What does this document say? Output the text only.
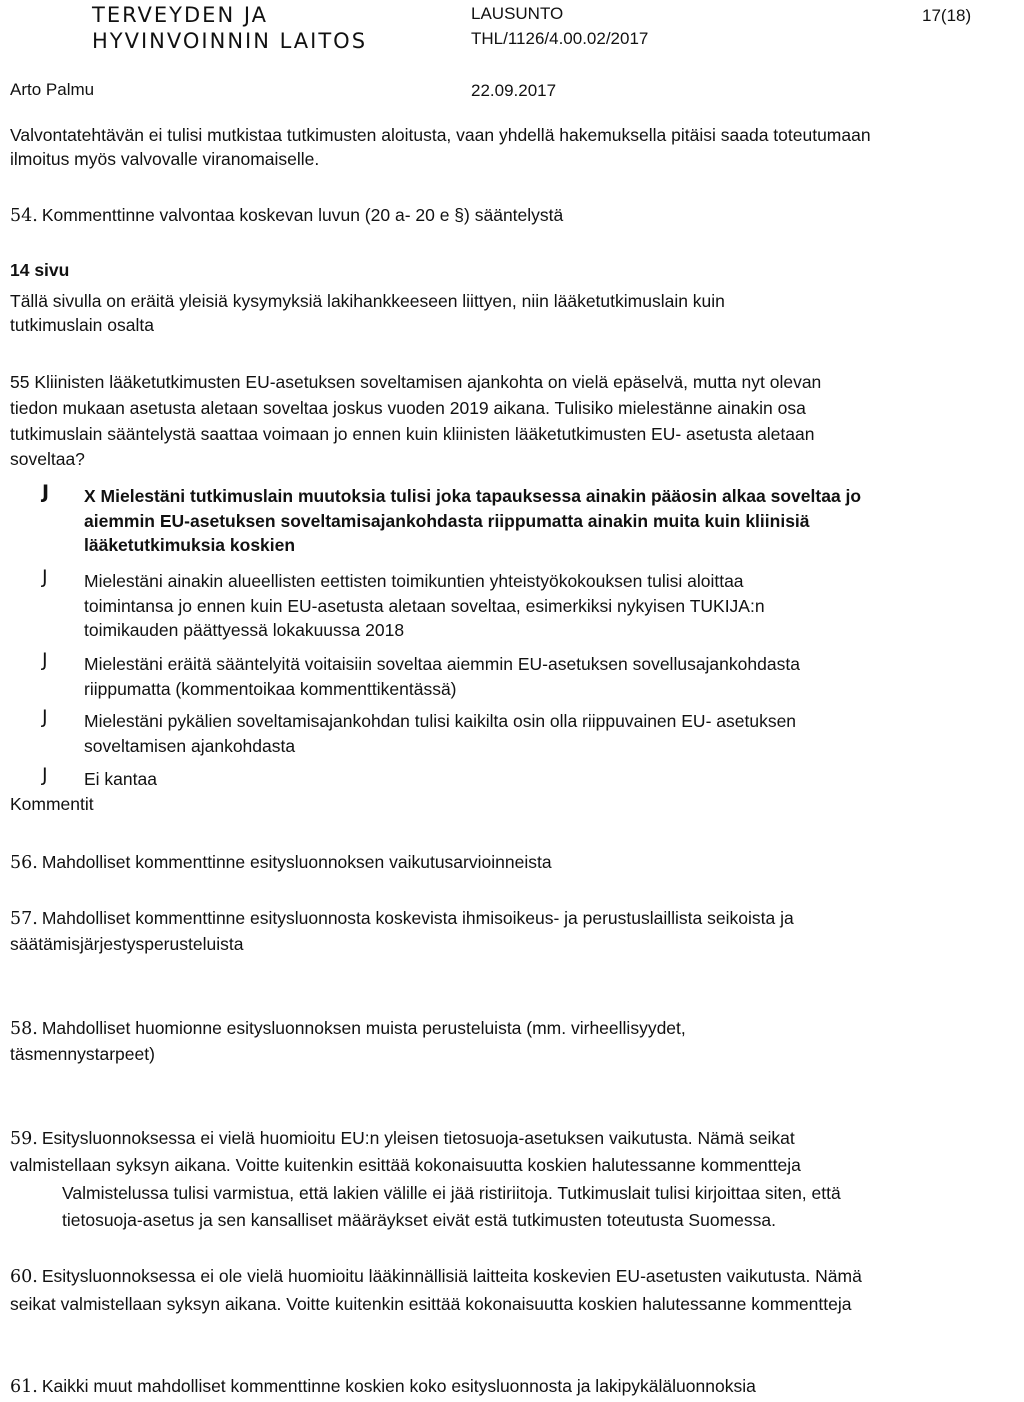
TERVEYDEN JA
HYVINVOINNIN LAITOS
LAUSUNTO
THL/1126/4.00.02/2017
17(18)
Arto Palmu	22.09.2017
Valvontatehtävän ei tulisi mutkistaa tutkimusten aloitusta, vaan yhdellä hakemuksella pitäisi saada toteutumaan
ilmoitus myös valvovalle viranomaiselle.
54. Kommenttinne valvontaa koskevan luvun (20 a- 20 e §) sääntelystä
14 sivu
Tällä sivulla on eräitä yleisiä kysymyksiä lakihankkeeseen liittyen, niin lääketutkimuslain kuin
tutkimuslain osalta
55 Kliinisten lääketutkimusten EU-asetuksen soveltamisen ajankohta on vielä epäselvä, mutta nyt olevan
tiedon mukaan asetusta aletaan soveltaa joskus vuoden 2019 aikana. Tulisiko mielestänne ainakin osa
tutkimuslain sääntelystä saattaa voimaan jo ennen kuin kliinisten lääketutkimusten EU- asetusta aletaan
soveltaa?
J X Mielestäni tutkimuslain muutoksia tulisi joka tapauksessa ainakin pääosin alkaa soveltaa jo
aiemmin EU-asetuksen soveltamisajankohdasta riippumatta ainakin muita kuin kliinisiä
lääketutkimuksia koskien
J Mielestäni ainakin alueellisten eettisten toimikuntien yhteistyökokouksen tulisi aloittaa
toimintansa jo ennen kuin EU-asetusta aletaan soveltaa, esimerkiksi nykyisen TUKIJA:n
toimikauden päättyessä lokakuussa 2018
J Mielestäni eräitä sääntelyitä voitaisiin soveltaa aiemmin EU-asetuksen sovellusajankohdasta
riippumatta (kommentoikaa kommenttikentässä)
J Mielestäni pykälien soveltamisajankohdan tulisi kaikilta osin olla riippuvainen EU- asetuksen
soveltamisen ajankohdasta
J Ei kantaa
Kommentit
56. Mahdolliset kommenttinne esitysluonnoksen vaikutusarvioinneista
57. Mahdolliset kommenttinne esitysluonnosta koskevista ihmisoikeus- ja perustuslaillista seikoista ja
säätämisjärjestysperusteluista
58. Mahdolliset huomionne esitysluonnoksen muista perusteluista (mm. virheellisyydet,
täsmennystarpeet)
59. Esitysluonnoksessa ei vielä huomioitu EU:n yleisen tietosuoja-asetuksen vaikutusta. Nämä seikat
valmistellaan syksyn aikana. Voitte kuitenkin esittää kokonaisuutta koskien halutessanne kommentteja
Valmistelussa tulisi varmistua, että lakien välille ei jää ristiriitoja. Tutkimuslait tulisi kirjoittaa siten, että
tietosuoja-asetus ja sen kansalliset määräykset eivät estä tutkimusten toteutusta Suomessa.
60. Esitysluonnoksessa ei ole vielä huomioitu lääkinnällisiä laitteita koskevien EU-asetusten vaikutusta. Nämä
seikat valmistellaan syksyn aikana. Voitte kuitenkin esittää kokonaisuutta koskien halutessanne kommentteja
61. Kaikki muut mahdolliset kommenttinne koskien koko esitysluonnosta ja lakipykäläluonnoksia
